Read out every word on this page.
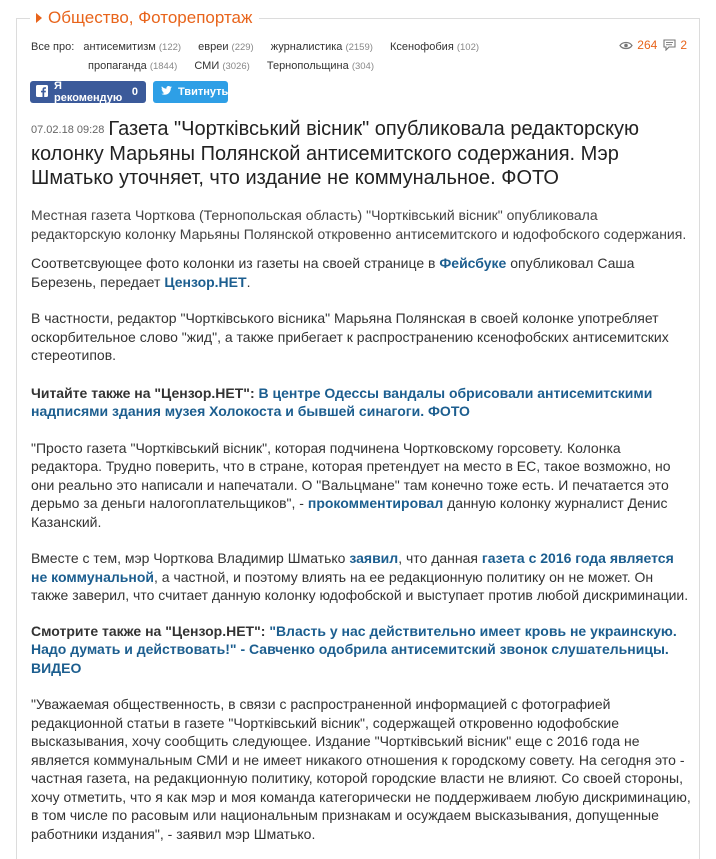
Общество, Фоторепортаж
Все про: антисемитизм (122) евреи (229) журналистика (2159) Ксенофобия (102)
пропаганда (1844) СМИ (3026) Тернопольщина (304)
264 2
Я рекомендую 0	Твитнуть
07.02.18 09:28 Газета "Чортківський вісник" опубликовала редакторскую колонку Марьяны Полянской антисемитского содержания. Мэр Шматько уточняет, что издание не коммунальное. ФОТО

Местная газета Чорткова (Тернопольская область) "Чортківський вісник" опубликовала редакторскую колонку Марьяны Полянской откровенно антисемитского и юдофобского содержания.

Соответсвующее фото колонки из газеты на своей странице в Фейсбуке опубликовал Саша Березень, передает Цензор.НЕТ.

В частности, редактор "Чортківського вісника" Марьяна Полянская в своей колонке употребляет оскорбительное слово "жид", а также прибегает к распространению ксенофобских антисемитских стереотипов.

Читайте также на "Цензор.НЕТ": В центре Одессы вандалы обрисовали антисемитскими надписями здания музея Холокоста и бывшей синагоги. ФОТО

"Просто газета "Чортківський вісник", которая подчинена Чортковскому горсовету. Колонка редактора. Трудно поверить, что в стране, которая претендует на место в ЕС, такое возможно, но они реально это написали и напечатали. О "Вальцмане" там конечно тоже есть. И печатается это дерьмо за деньги налогоплательщиков", - прокомментировал данную колонку журналист Денис Казанский.

Вместе с тем, мэр Чорткова Владимир Шматько заявил, что данная газета с 2016 года является не коммунальной, а частной, и поэтому влиять на ее редакционную политику он не может. Он также заверил, что считает данную колонку юдофобской и выступает против любой дискриминации.

Смотрите также на "Цензор.НЕТ": "Власть у нас действительно имеет кровь не украинскую. Надо думать и действовать!" - Савченко одобрила антисемитский звонок слушательницы. ВИДЕО

"Уважаемая общественность, в связи с распространенной информацией с фотографией редакционной статьи в газете "Чортківський вісник", содержащей откровенно юдофобские высказывания, хочу сообщить следующее. Издание "Чортківський вісник" еще с 2016 года не является коммунальным СМИ и не имеет никакого отношения к городскому совету. На сегодня это - частная газета, на редакционную политику, которой городские власти не влияют. Со своей стороны, хочу отметить, что я как мэр и моя команда категорически не поддерживаем любую дискриминацию, в том числе по расовым или национальным признакам и осуждаем высказывания, допущенные работники издания", - заявил мэр Шматько.
